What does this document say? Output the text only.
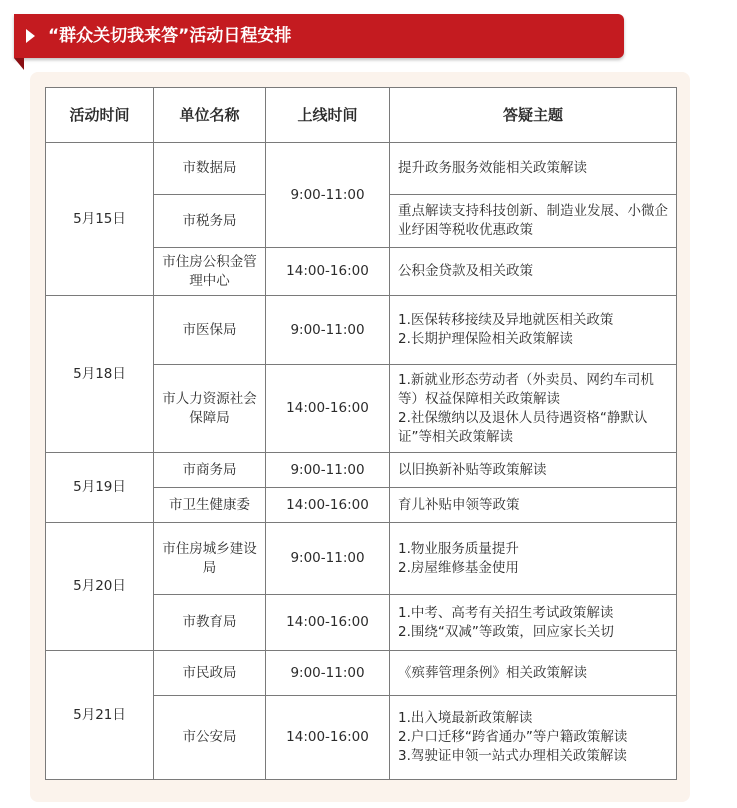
“群众关切我来答”活动日程安排
活动时间	单位名称	上线时间	答疑主题
5月15日	市数据局	9:00-11:00	提升政务服务效能相关政策解读

	市税务局		重点解读支持科技创新、制造业发展、小微企业纾困等税收优惠政策

	市住房公积金管理中心	14:00-16:00	公积金贷款及相关政策

5月18日	市医保局	9:00-11:00	1.医保转移接续及异地就医相关政策
2.长期护理保险相关政策解读

	市人力资源社会保障局	14:00-16:00	1.新就业形态劳动者（外卖员、网约车司机等）权益保障相关政策解读
2.社保缴纳以及退休人员待遇资格“静默认证”等相关政策解读

5月19日	市商务局	9:00-11:00	以旧换新补贴等政策解读

	市卫生健康委	14:00-16:00	育儿补贴申领等政策

5月20日	市住房城乡建设局	9:00-11:00	1.物业服务质量提升
2.房屋维修基金使用

	市教育局	14:00-16:00	1.中考、高考有关招生考试政策解读
2.围绕“双减”等政策，回应家长关切

5月21日	市民政局	9:00-11:00	《殡葬管理条例》相关政策解读

	市公安局	14:00-16:00	1.出入境最新政策解读
2.户口迁移“跨省通办”等户籍政策解读
3.驾驶证申领一站式办理相关政策解读
